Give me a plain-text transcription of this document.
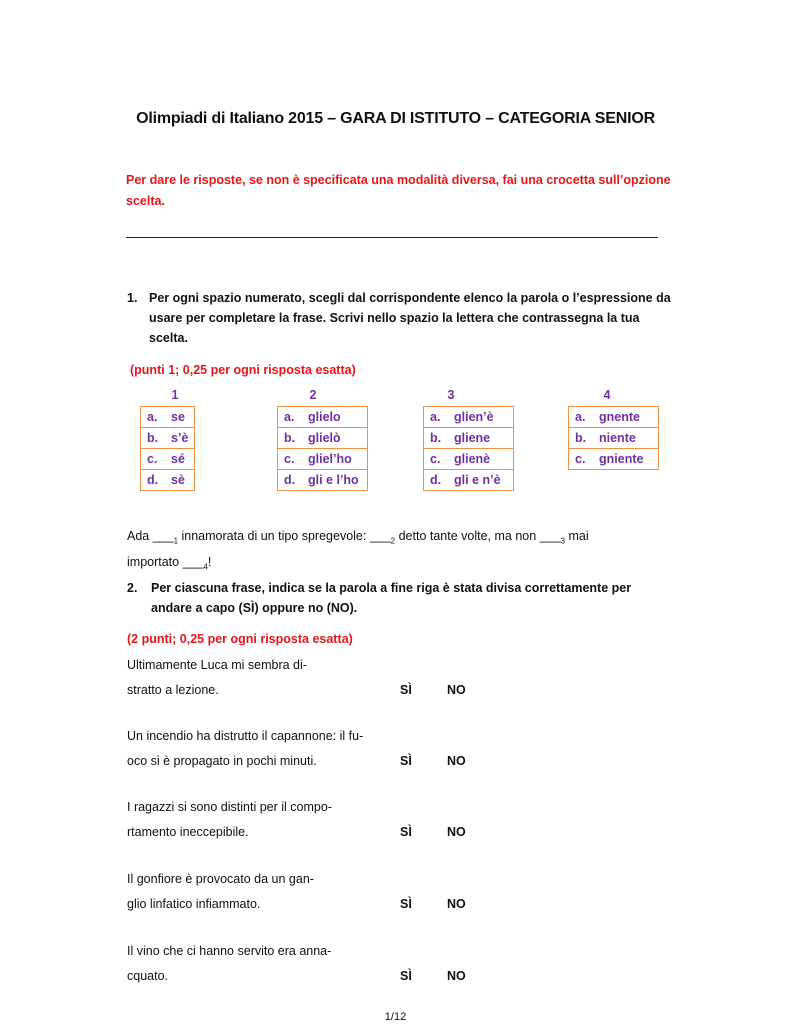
Olimpiadi di Italiano 2015 – GARA DI ISTITUTO – CATEGORIA SENIOR
Per dare le risposte, se non è specificata una modalità diversa, fai una crocetta sull’opzione scelta.
1. Per ogni spazio numerato, scegli dal corrispondente elenco la parola o l’espressione da usare per completare la frase. Scrivi nello spazio la lettera che contrassegna la tua scelta.
(punti 1; 0,25 per ogni risposta esatta)
1	2	3	4
a. se
b. s’è
c. sé
d. sè
a. glielo
b. glielò
c. gliel’ho
d. gli e l’ho
a. glien’è
b. gliene
c. glienè
d. gli e n’è
a. gnente
b. niente
c. gniente
Ada $\_\_\__1$ innamorata di un tipo spregevole: $\_\_\__2$ detto tante volte, ma non $\_\_\__3$ mai importato $\_\_\__4$!
2. Per ciascuna frase, indica se la parola a fine riga è stata divisa correttamente per andare a capo (SÌ) oppure no (NO).
(2 punti; 0,25 per ogni risposta esatta)
Ultimamente Luca mi sembra di-
stratto a lezione.	SÌ	NO
Un incendio ha distrutto il capannone: il fu-
oco si è propagato in pochi minuti.	SÌ	NO
I ragazzi si sono distinti per il compo-
rtamento ineccepibile.	SÌ	NO
Il gonfiore è provocato da un gan-
glio linfatico infiammato.	SÌ	NO
Il vino che ci hanno servito era anna-
cquato.	SÌ	NO
1/12
